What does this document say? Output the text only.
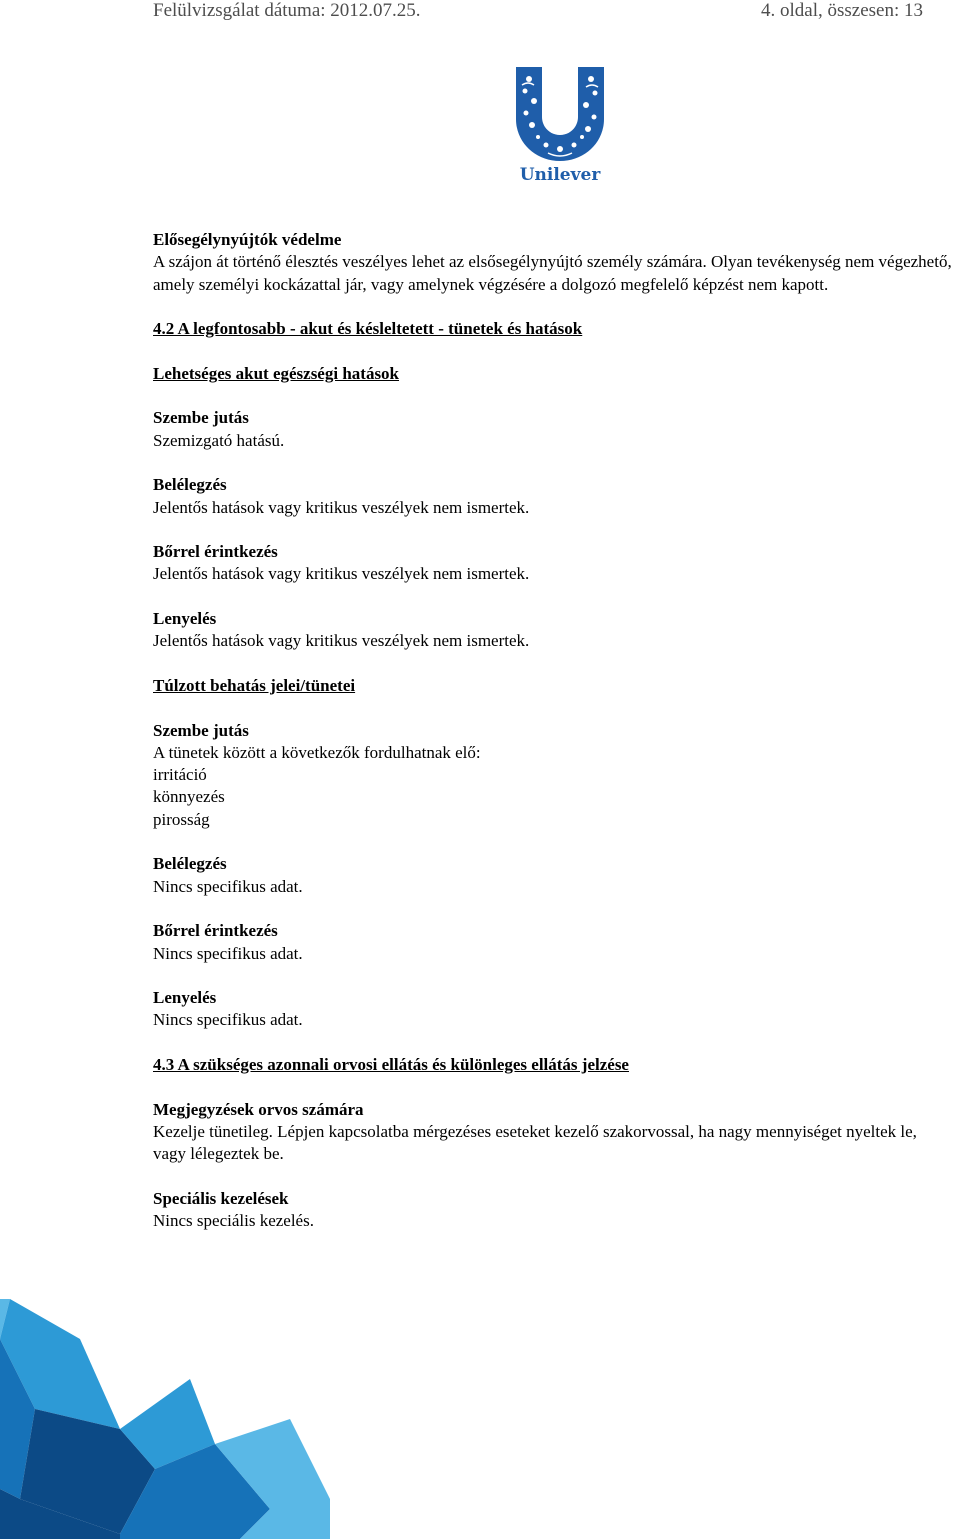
Felülvizsgálat dátuma: 2012.07.25.	4. oldal, összesen: 13
Unilever
Elősegélynyújtók védelme

A szájon át történő élesztés veszélyes lehet az elsősegélynyújtó személy számára. Olyan tevékenység nem végezhető, amely személyi kockázattal jár, vagy amelynek végzésére a dolgozó megfelelő képzést nem kapott.

4.2 A legfontosabb - akut és késleltetett - tünetek és hatások
Lehetséges akut egészségi hatások
Szembe jutás
Szemizgató hatású.
Belélegzés
Jelentős hatások vagy kritikus veszélyek nem ismertek.
Bőrrel érintkezés
Jelentős hatások vagy kritikus veszélyek nem ismertek.
Lenyelés
Jelentős hatások vagy kritikus veszélyek nem ismertek.
Túlzott behatás jelei/tünetei
Szembe jutás
A tünetek között a következők fordulhatnak elő:
irritáció
könnyezés
pirosság
Belélegzés
Nincs specifikus adat.
Bőrrel érintkezés
Nincs specifikus adat.
Lenyelés
Nincs specifikus adat.
4.3 A szükséges azonnali orvosi ellátás és különleges ellátás jelzése
Megjegyzések orvos számára

Kezelje tünetileg. Lépjen kapcsolatba mérgezéses eseteket kezelő szakorvossal, ha nagy mennyiséget nyeltek le, vagy lélegeztek be.

Speciális kezelések
Nincs speciális kezelés.
